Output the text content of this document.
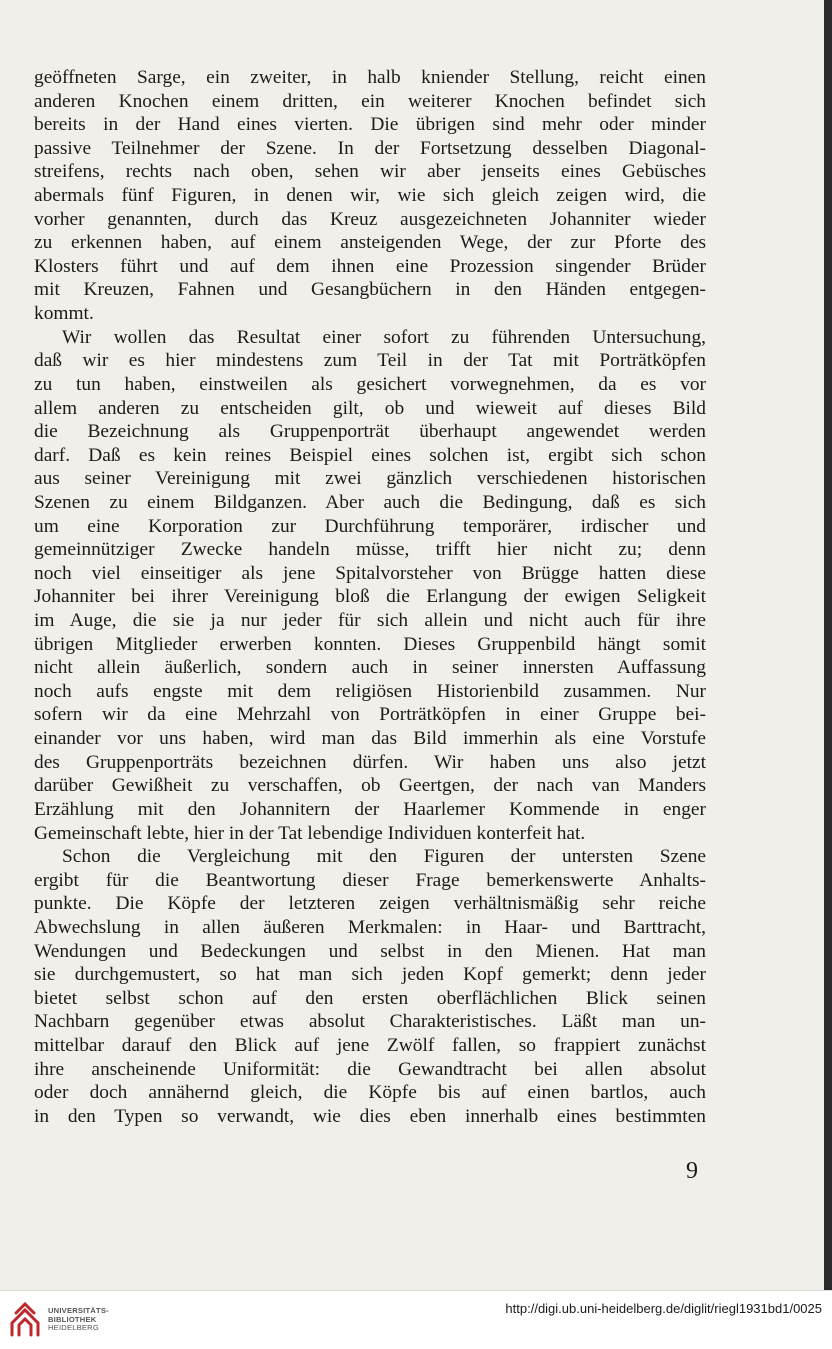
geöffneten Sarge, ein zweiter, in halb kniender Stellung, reicht einen
anderen Knochen einem dritten, ein weiterer Knochen befindet sich
bereits in der Hand eines vierten. Die übrigen sind mehr oder minder
passive Teilnehmer der Szene. In der Fortsetzung desselben Diagonal-
streifens, rechts nach oben, sehen wir aber jenseits eines Gebüsches
abermals fünf Figuren, in denen wir, wie sich gleich zeigen wird, die
vorher genannten, durch das Kreuz ausgezeichneten Johanniter wieder
zu erkennen haben, auf einem ansteigenden Wege, der zur Pforte des
Klosters führt und auf dem ihnen eine Prozession singender Brüder
mit Kreuzen, Fahnen und Gesangbüchern in den Händen entgegen-
kommt.
Wir wollen das Resultat einer sofort zu führenden Untersuchung,
daß wir es hier mindestens zum Teil in der Tat mit Porträtköpfen
zu tun haben, einstweilen als gesichert vorwegnehmen, da es vor
allem anderen zu entscheiden gilt, ob und wieweit auf dieses Bild
die Bezeichnung als Gruppenporträt überhaupt angewendet werden
darf. Daß es kein reines Beispiel eines solchen ist, ergibt sich schon
aus seiner Vereinigung mit zwei gänzlich verschiedenen historischen
Szenen zu einem Bildganzen. Aber auch die Bedingung, daß es sich
um eine Korporation zur Durchführung temporärer, irdischer und
gemeinnütziger Zwecke handeln müsse, trifft hier nicht zu; denn
noch viel einseitiger als jene Spitalvorsteher von Brügge hatten diese
Johanniter bei ihrer Vereinigung bloß die Erlangung der ewigen Seligkeit
im Auge, die sie ja nur jeder für sich allein und nicht auch für ihre
übrigen Mitglieder erwerben konnten. Dieses Gruppenbild hängt somit
nicht allein äußerlich, sondern auch in seiner innersten Auffassung
noch aufs engste mit dem religiösen Historienbild zusammen. Nur
sofern wir da eine Mehrzahl von Porträtköpfen in einer Gruppe bei-
einander vor uns haben, wird man das Bild immerhin als eine Vorstufe
des Gruppenporträts bezeichnen dürfen. Wir haben uns also jetzt
darüber Gewißheit zu verschaffen, ob Geertgen, der nach van Manders
Erzählung mit den Johannitern der Haarlemer Kommende in enger
Gemeinschaft lebte, hier in der Tat lebendige Individuen konterfeit hat.
Schon die Vergleichung mit den Figuren der untersten Szene
ergibt für die Beantwortung dieser Frage bemerkenswerte Anhalts-
punkte. Die Köpfe der letzteren zeigen verhältnismäßig sehr reiche
Abwechslung in allen äußeren Merkmalen: in Haar- und Barttracht,
Wendungen und Bedeckungen und selbst in den Mienen. Hat man
sie durchgemustert, so hat man sich jeden Kopf gemerkt; denn jeder
bietet selbst schon auf den ersten oberflächlichen Blick seinen
Nachbarn gegenüber etwas absolut Charakteristisches. Läßt man un-
mittelbar darauf den Blick auf jene Zwölf fallen, so frappiert zunächst
ihre anscheinende Uniformität: die Gewandtracht bei allen absolut
oder doch annähernd gleich, die Köpfe bis auf einen bartlos, auch
in den Typen so verwandt, wie dies eben innerhalb eines bestimmten
9
UNIVERSITÄTS-
BIBLIOTHEK
HEIDELBERG
http://digi.ub.uni-heidelberg.de/diglit/riegl1931bd1/0025
